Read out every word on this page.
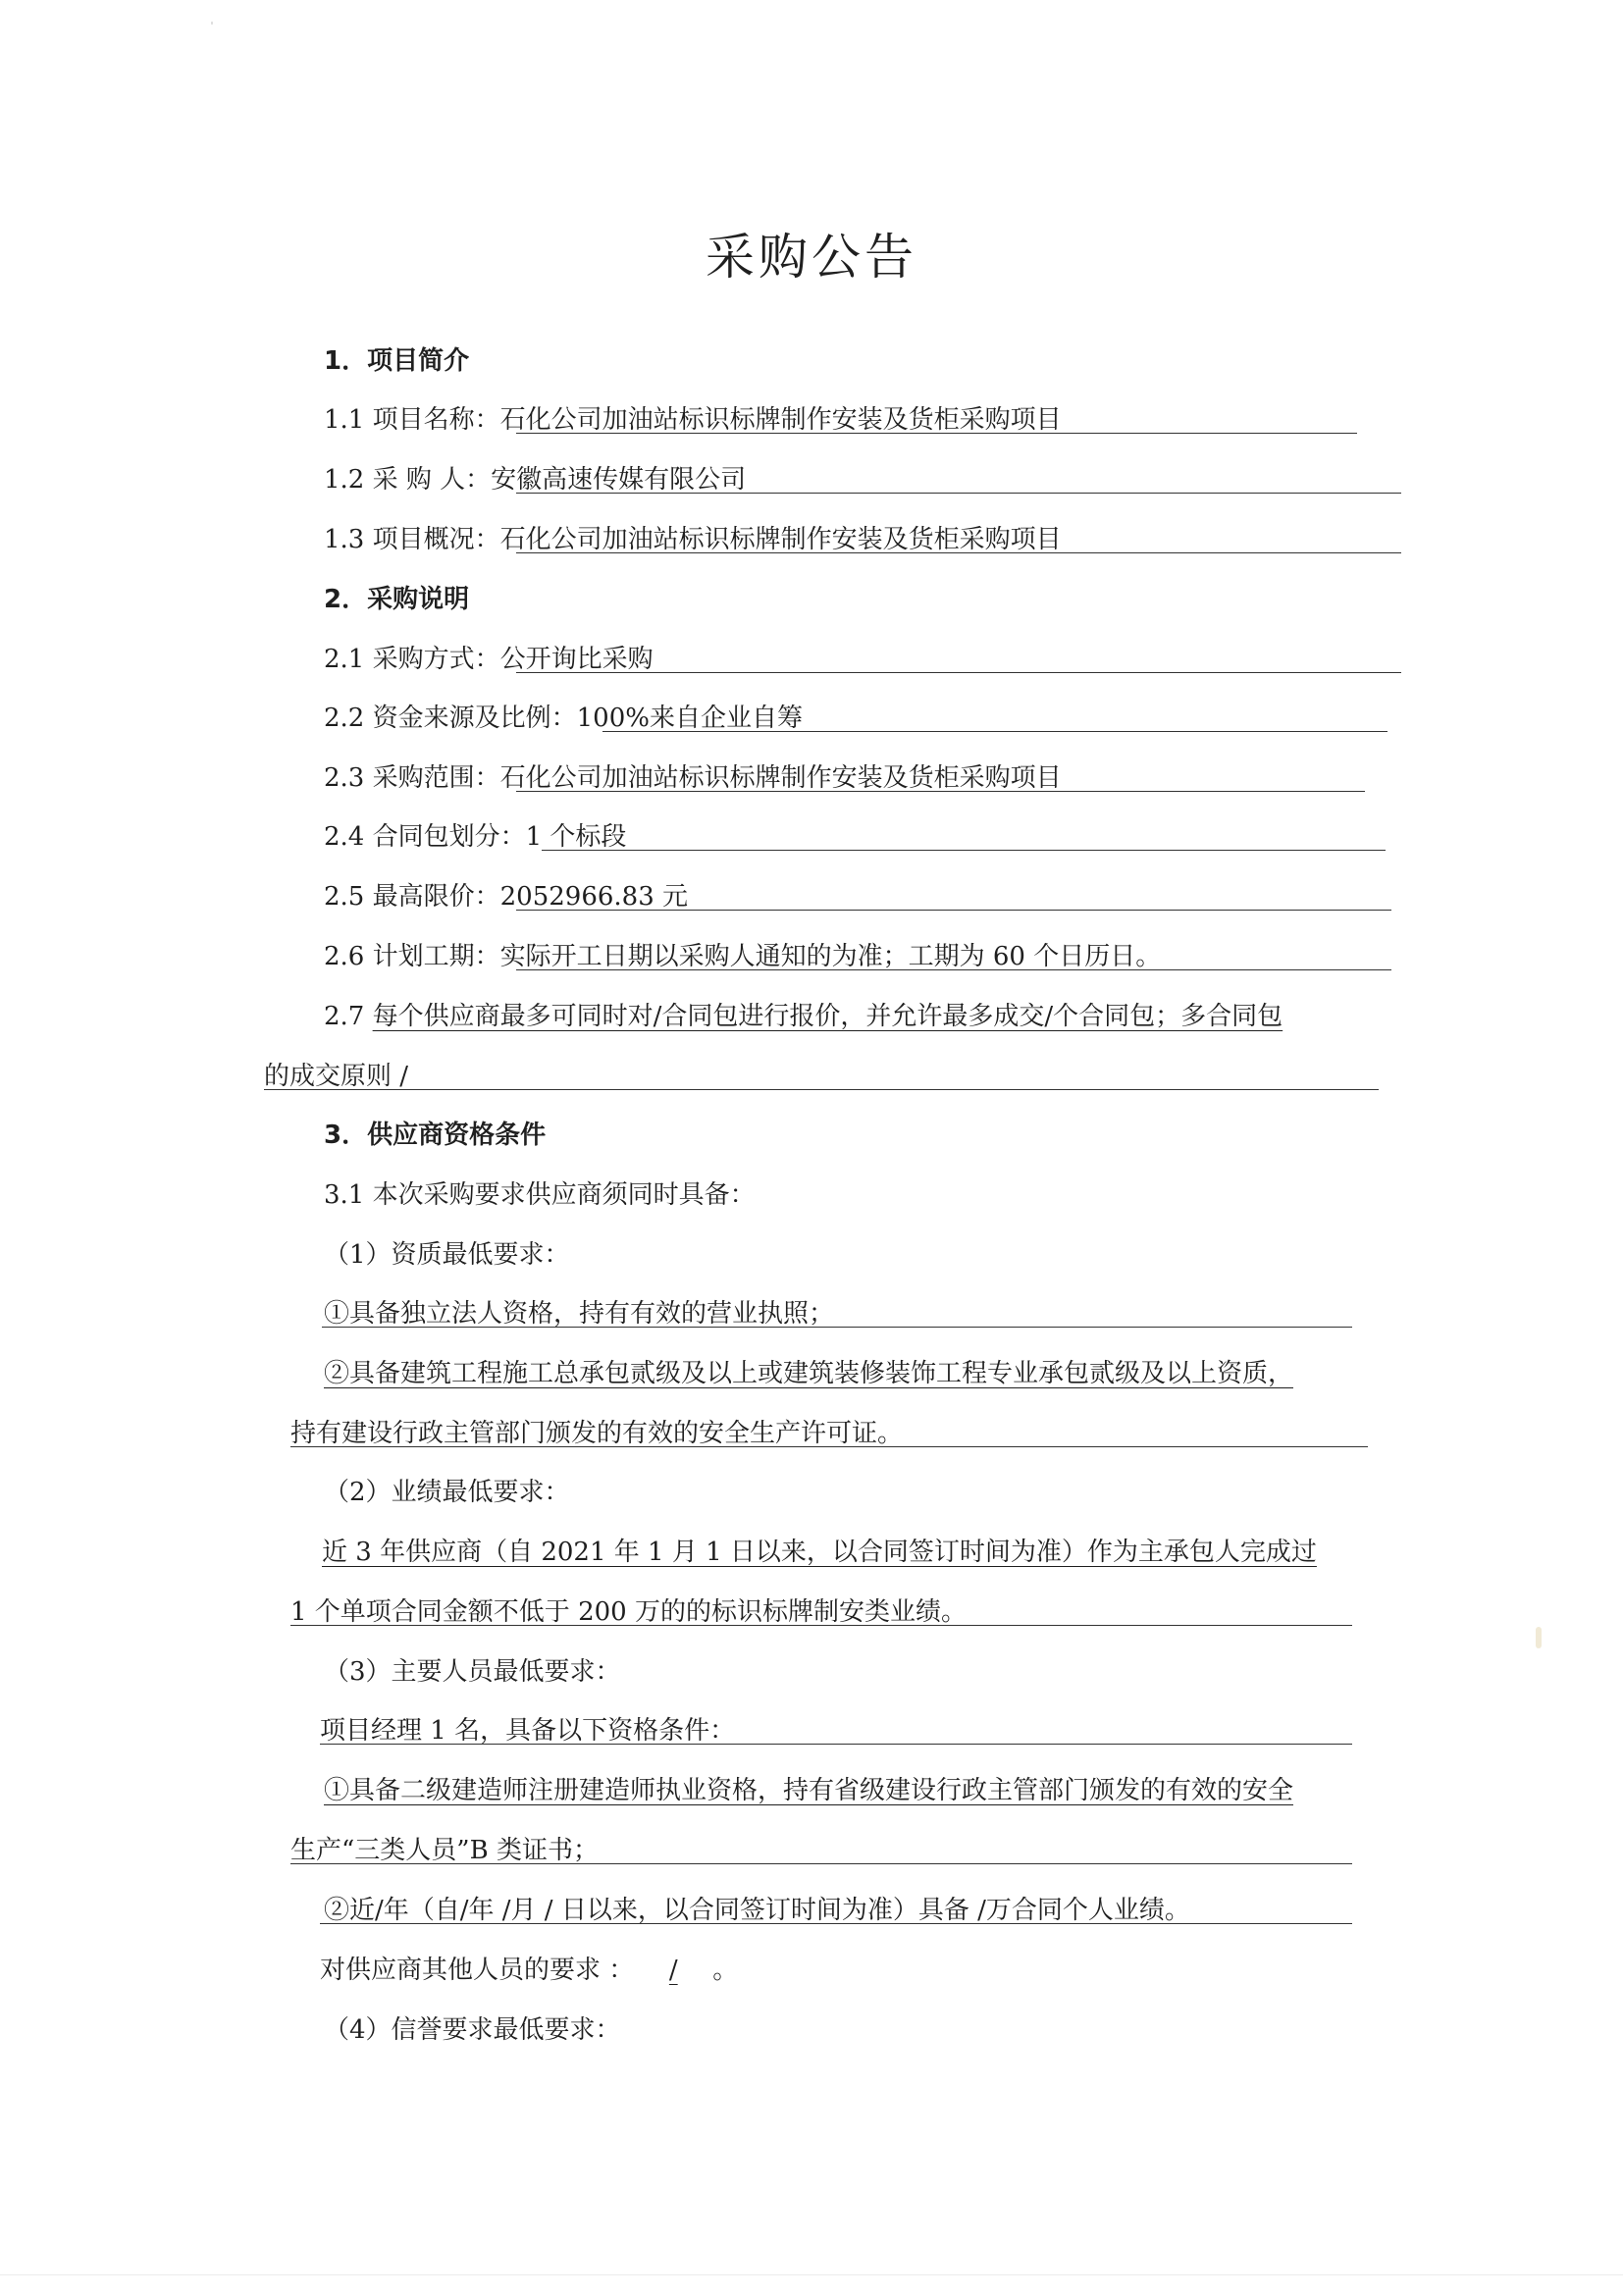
采购公告
1．项目简介
1.1 项目名称：石化公司加油站标识标牌制作安装及货柜采购项目
1.2 采 购 人：安徽高速传媒有限公司
1.3 项目概况：石化公司加油站标识标牌制作安装及货柜采购项目
2．采购说明
2.1 采购方式：公开询比采购
2.2 资金来源及比例：100%来自企业自筹
2.3 采购范围：石化公司加油站标识标牌制作安装及货柜采购项目
2.4 合同包划分：1 个标段
2.5 最高限价：2052966.83 元
2.6 计划工期：实际开工日期以采购人通知的为准；工期为 60 个日历日。
2.7 每个供应商最多可同时对/合同包进行报价，并允许最多成交/个合同包；多合同包
的成交原则 /
3．供应商资格条件
3.1 本次采购要求供应商须同时具备：
（1）资质最低要求：
①具备独立法人资格，持有有效的营业执照；
②具备建筑工程施工总承包贰级及以上或建筑装修装饰工程专业承包贰级及以上资质，
持有建设行政主管部门颁发的有效的安全生产许可证。
（2）业绩最低要求：
近 3 年供应商（自 2021 年 1 月 1 日以来，以合同签订时间为准）作为主承包人完成过
1 个单项合同金额不低于 200 万的的标识标牌制安类业绩。
（3）主要人员最低要求：
项目经理 1 名，具备以下资格条件：
①具备二级建造师注册建造师执业资格，持有省级建设行政主管部门颁发的有效的安全
生产“三类人员”B 类证书；
②近/年（自/年 /月 / 日以来，以合同签订时间为准）具备 /万合同个人业绩。
对供应商其他人员的要求 ： / 。
（4）信誉要求最低要求：
